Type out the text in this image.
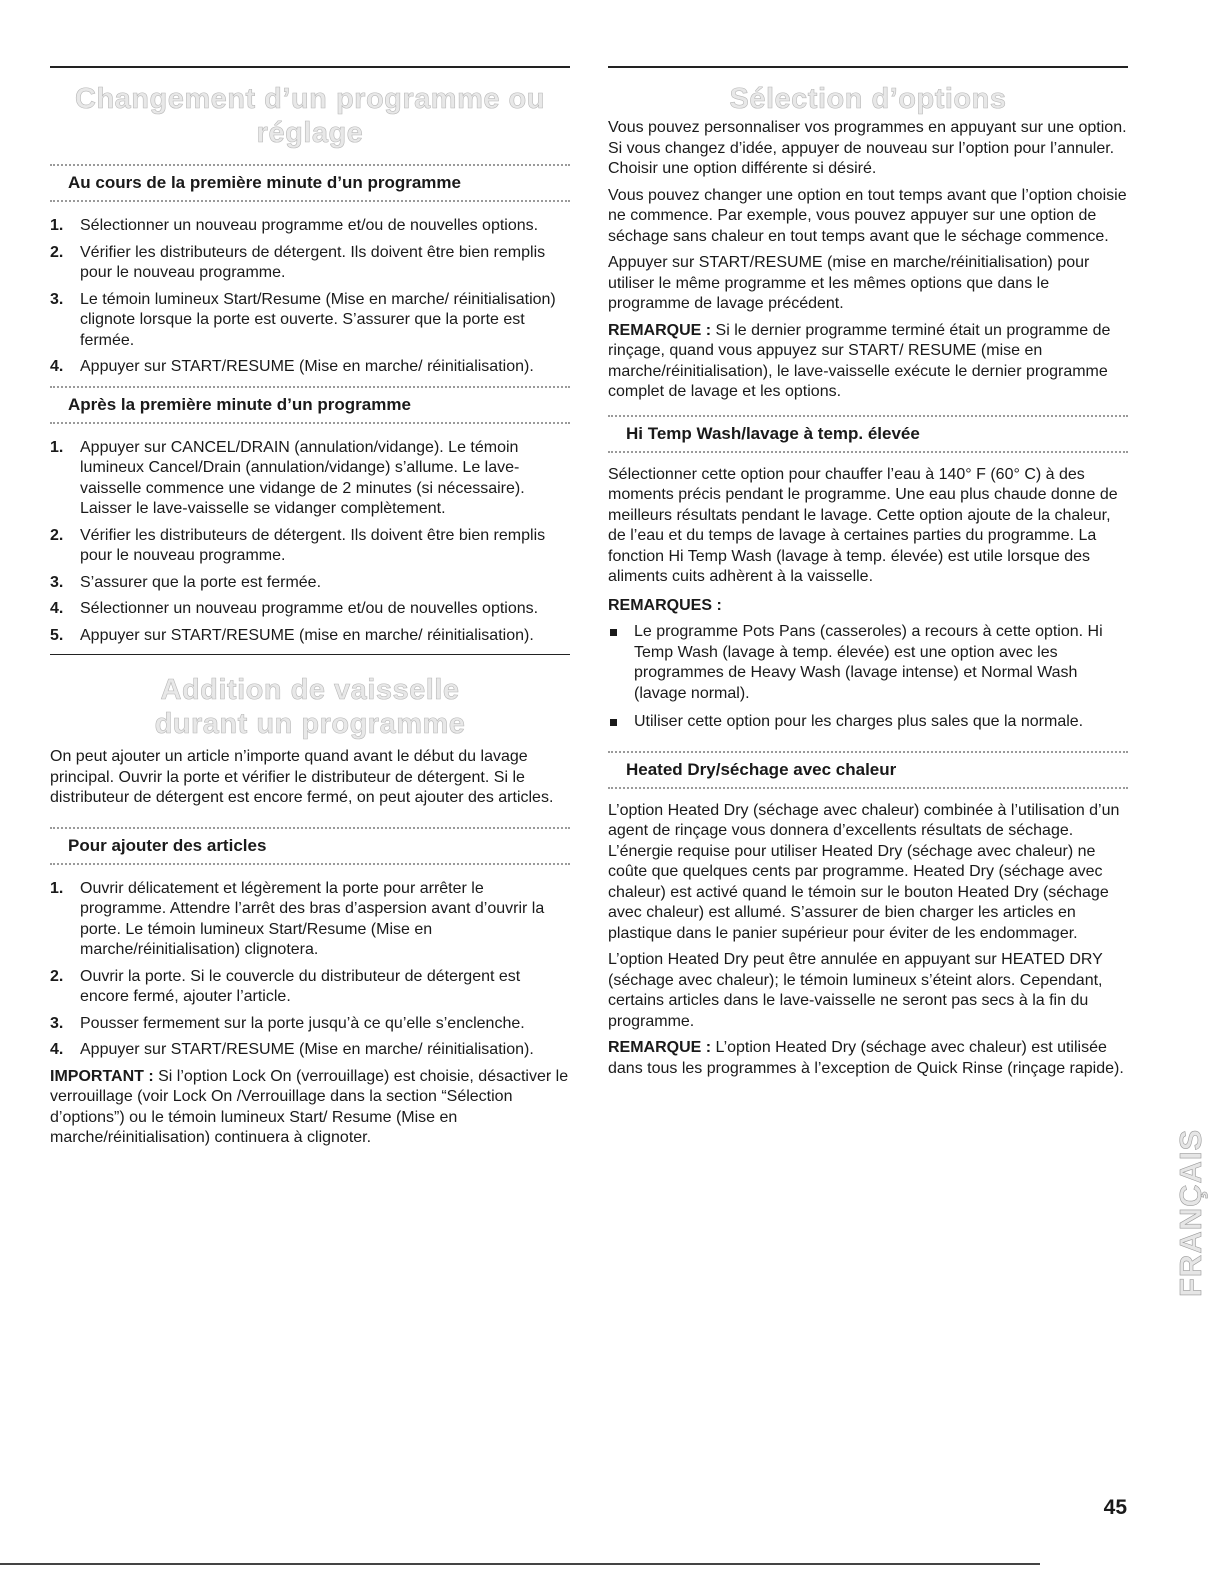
Changement d’un programme ou réglage
Au cours de la première minute d’un programme
1. Sélectionner un nouveau programme et/ou de nouvelles options.
2. Vérifier les distributeurs de détergent. Ils doivent être bien remplis pour le nouveau programme.
3. Le témoin lumineux Start/Resume (Mise en marche/ réinitialisation) clignote lorsque la porte est ouverte. S’assurer que la porte est fermée.
4. Appuyer sur START/RESUME (Mise en marche/ réinitialisation).
Après la première minute d’un programme
1. Appuyer sur CANCEL/DRAIN (annulation/vidange). Le témoin lumineux Cancel/Drain (annulation/vidange) s’allume. Le lave-vaisselle commence une vidange de 2 minutes (si nécessaire). Laisser le lave-vaisselle se vidanger complètement.
2. Vérifier les distributeurs de détergent. Ils doivent être bien remplis pour le nouveau programme.
3. S’assurer que la porte est fermée.
4. Sélectionner un nouveau programme et/ou de nouvelles options.
5. Appuyer sur START/RESUME (mise en marche/ réinitialisation).
Addition de vaisselle
durant un programme

On peut ajouter un article n’importe quand avant le début du lavage principal. Ouvrir la porte et vérifier le distributeur de détergent. Si le distributeur de détergent est encore fermé, on peut ajouter des articles.

Pour ajouter des articles
1. Ouvrir délicatement et légèrement la porte pour arrêter le programme. Attendre l’arrêt des bras d’aspersion avant d’ouvrir la porte. Le témoin lumineux Start/Resume (Mise en marche/réinitialisation) clignotera.
2. Ouvrir la porte. Si le couvercle du distributeur de détergent est encore fermé, ajouter l’article.
3. Pousser fermement sur la porte jusqu’à ce qu’elle s’enclenche.
4. Appuyer sur START/RESUME (Mise en marche/ réinitialisation).

IMPORTANT : Si l’option Lock On (verrouillage) est choisie, désactiver le verrouillage (voir Lock On /Verrouillage dans la section “Sélection d’options”) ou le témoin lumineux Start/ Resume (Mise en marche/réinitialisation) continuera à clignoter.

Sélection d’options

Vous pouvez personnaliser vos programmes en appuyant sur une option. Si vous changez d’idée, appuyer de nouveau sur l’option pour l’annuler. Choisir une option différente si désiré.

Vous pouvez changer une option en tout temps avant que l’option choisie ne commence. Par exemple, vous pouvez appuyer sur une option de séchage sans chaleur en tout temps avant que le séchage commence.

Appuyer sur START/RESUME (mise en marche/réinitialisation) pour utiliser le même programme et les mêmes options que dans le programme de lavage précédent.

REMARQUE : Si le dernier programme terminé était un programme de rinçage, quand vous appuyez sur START/ RESUME (mise en marche/réinitialisation), le lave-vaisselle exécute le dernier programme complet de lavage et les options.

Hi Temp Wash/lavage à temp. élevée

Sélectionner cette option pour chauffer l’eau à 140° F (60° C) à des moments précis pendant le programme. Une eau plus chaude donne de meilleurs résultats pendant le lavage. Cette option ajoute de la chaleur, de l’eau et du temps de lavage à certaines parties du programme. La fonction Hi Temp Wash (lavage à temp. élevée) est utile lorsque des aliments cuits adhèrent à la vaisselle.

REMARQUES :

Le programme Pots Pans (casseroles) a recours à cette option. Hi Temp Wash (lavage à temp. élevée) est une option avec les programmes de Heavy Wash (lavage intense) et Normal Wash (lavage normal).
Utiliser cette option pour les charges plus sales que la normale.
Heated Dry/séchage avec chaleur

L’option Heated Dry (séchage avec chaleur) combinée à l’utilisation d’un agent de rinçage vous donnera d’excellents résultats de séchage. L’énergie requise pour utiliser Heated Dry (séchage avec chaleur) ne coûte que quelques cents par programme. Heated Dry (séchage avec chaleur) est activé quand le témoin sur le bouton Heated Dry (séchage avec chaleur) est allumé. S’assurer de bien charger les articles en plastique dans le panier supérieur pour éviter de les endommager.

L’option Heated Dry peut être annulée en appuyant sur HEATED DRY (séchage avec chaleur); le témoin lumineux s’éteint alors. Cependant, certains articles dans le lave-vaisselle ne seront pas secs à la fin du programme.

REMARQUE : L’option Heated Dry (séchage avec chaleur) est utilisée dans tous les programmes à l’exception de Quick Rinse (rinçage rapide).

FRANÇAIS
45
